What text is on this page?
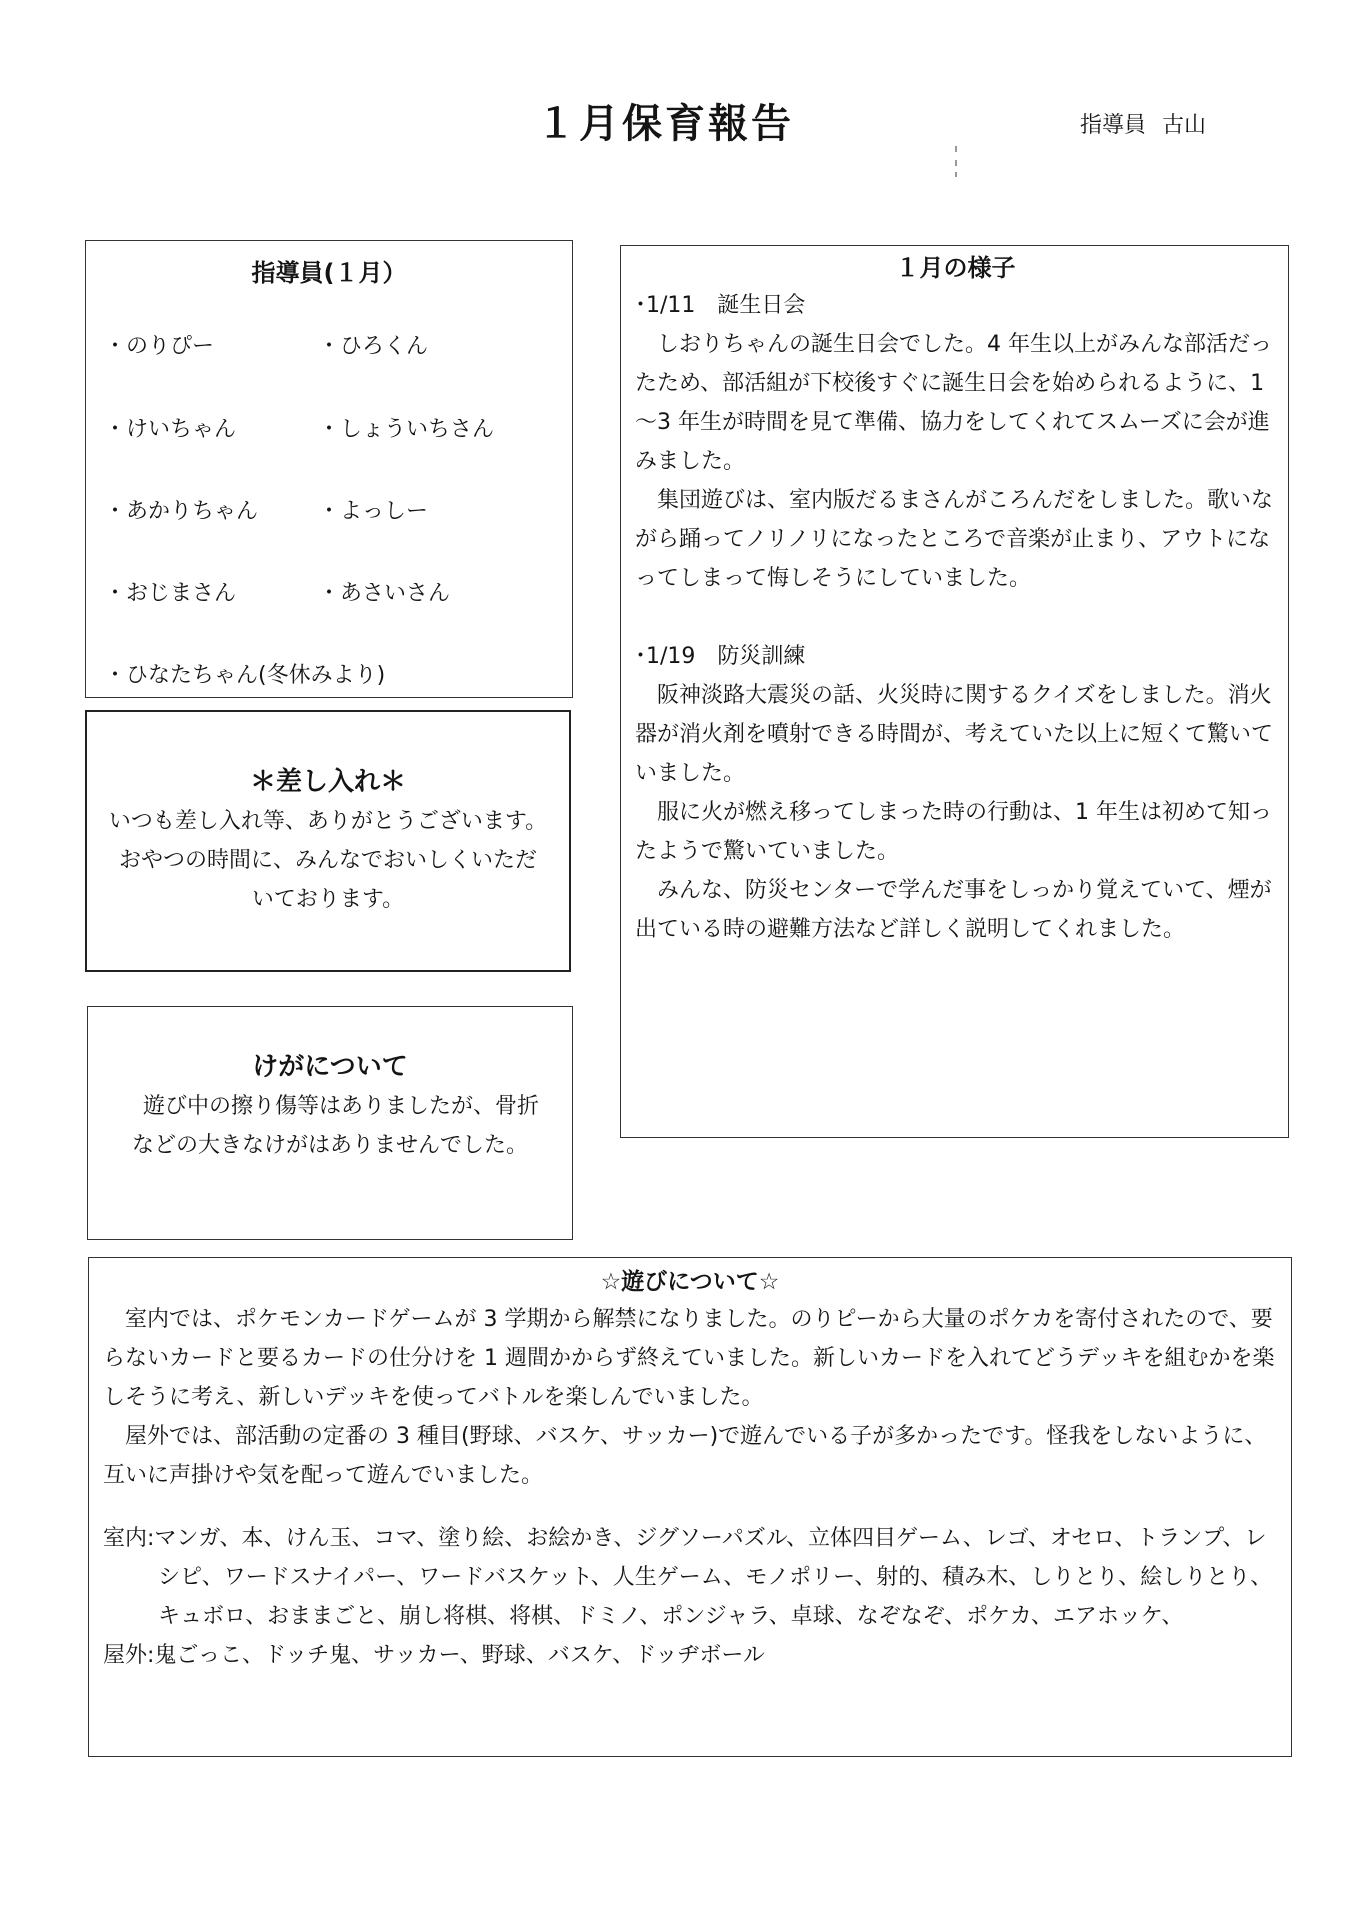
１月保育報告	指導員 古山
指導員(１月）
・のりぴー	・ひろくん
・けいちゃん	・しょういちさん
・あかりちゃん	・よっしー
・おじまさん	・あさいさん
・ひなたちゃん(冬休みより)
＊差し入れ＊
いつも差し入れ等、ありがとうございます。
おやつの時間に、みんなでおいしくいただ
いております。
けがについて
遊び中の擦り傷等はありましたが、骨折
などの大きなけがはありませんでした。
１月の様子
･1/11　誕生日会
しおりちゃんの誕生日会でした。4 年生以上がみんな部活だったため、部活組が下校後すぐに誕生日会を始められるように、1～3 年生が時間を見て準備、協力をしてくれてスムーズに会が進みました。
集団遊びは、室内版だるまさんがころんだをしました。歌いながら踊ってノリノリになったところで音楽が止まり、アウトになってしまって悔しそうにしていました。
･1/19　防災訓練
阪神淡路大震災の話、火災時に関するクイズをしました。消火器が消火剤を噴射できる時間が、考えていた以上に短くて驚いていました。
服に火が燃え移ってしまった時の行動は、1 年生は初めて知ったようで驚いていました。
みんな、防災センターで学んだ事をしっかり覚えていて、煙が出ている時の避難方法など詳しく説明してくれました。
☆遊びについて☆
室内では、ポケモンカードゲームが 3 学期から解禁になりました。のりピーから大量のポケカを寄付されたので、要らないカードと要るカードの仕分けを 1 週間かからず終えていました。新しいカードを入れてどうデッキを組むかを楽しそうに考え、新しいデッキを使ってバトルを楽しんでいました。
屋外では、部活動の定番の 3 種目(野球、バスケ、サッカー)で遊んでいる子が多かったです。怪我をしないように、互いに声掛けや気を配って遊んでいました。
室内:マンガ、本、けん玉、コマ、塗り絵、お絵かき、ジグソーパズル、立体四目ゲーム、レゴ、オセロ、トランプ、レシピ、ワードスナイパー、ワードバスケット、人生ゲーム、モノポリー、射的、積み木、しりとり、絵しりとり、キュボロ、おままごと、崩し将棋、将棋、ドミノ、ポンジャラ、卓球、なぞなぞ、ポケカ、エアホッケ、
屋外:鬼ごっこ、ドッチ鬼、サッカー、野球、バスケ、ドッヂボール
